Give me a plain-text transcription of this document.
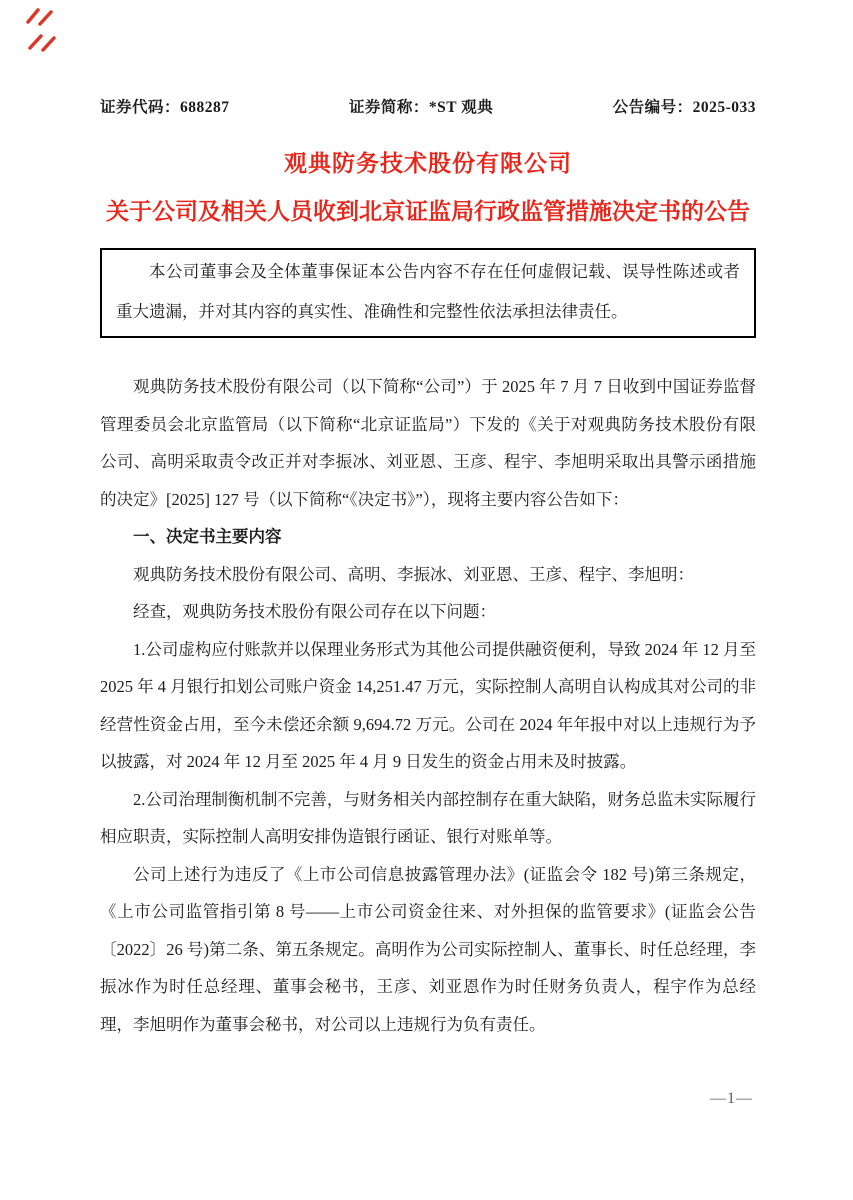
证券代码：688287	证券简称：*ST 观典	公告编号：2025-033
观典防务技术股份有限公司
关于公司及相关人员收到北京证监局行政监管措施决定书的公告

本公司董事会及全体董事保证本公告内容不存在任何虚假记载、误导性陈述或者重大遗漏，并对其内容的真实性、准确性和完整性依法承担法律责任。

观典防务技术股份有限公司（以下简称“公司”）于 2025 年 7 月 7 日收到中国证券监督管理委员会北京监管局（以下简称“北京证监局”）下发的《关于对观典防务技术股份有限公司、高明采取责令改正并对李振冰、刘亚恩、王彦、程宇、李旭明采取出具警示函措施的决定》[2025] 127 号（以下简称“《决定书》”），现将主要内容公告如下：

一、决定书主要内容

观典防务技术股份有限公司、高明、李振冰、刘亚恩、王彦、程宇、李旭明：

经查，观典防务技术股份有限公司存在以下问题：

1.公司虚构应付账款并以保理业务形式为其他公司提供融资便利，导致 2024 年 12 月至 2025 年 4 月银行扣划公司账户资金 14,251.47 万元，实际控制人高明自认构成其对公司的非经营性资金占用，至今未偿还余额 9,694.72 万元。公司在 2024 年年报中对以上违规行为予以披露，对 2024 年 12 月至 2025 年 4 月 9 日发生的资金占用未及时披露。

2.公司治理制衡机制不完善，与财务相关内部控制存在重大缺陷，财务总监未实际履行相应职责，实际控制人高明安排伪造银行函证、银行对账单等。

公司上述行为违反了《上市公司信息披露管理办法》(证监会令 182 号)第三条规定，《上市公司监管指引第 8 号——上市公司资金往来、对外担保的监管要求》(证监会公告〔2022〕26 号)第二条、第五条规定。高明作为公司实际控制人、董事长、时任总经理，李振冰作为时任总经理、董事会秘书，王彦、刘亚恩作为时任财务负责人，程宇作为总经理，李旭明作为董事会秘书，对公司以上违规行为负有责任。

—1—
